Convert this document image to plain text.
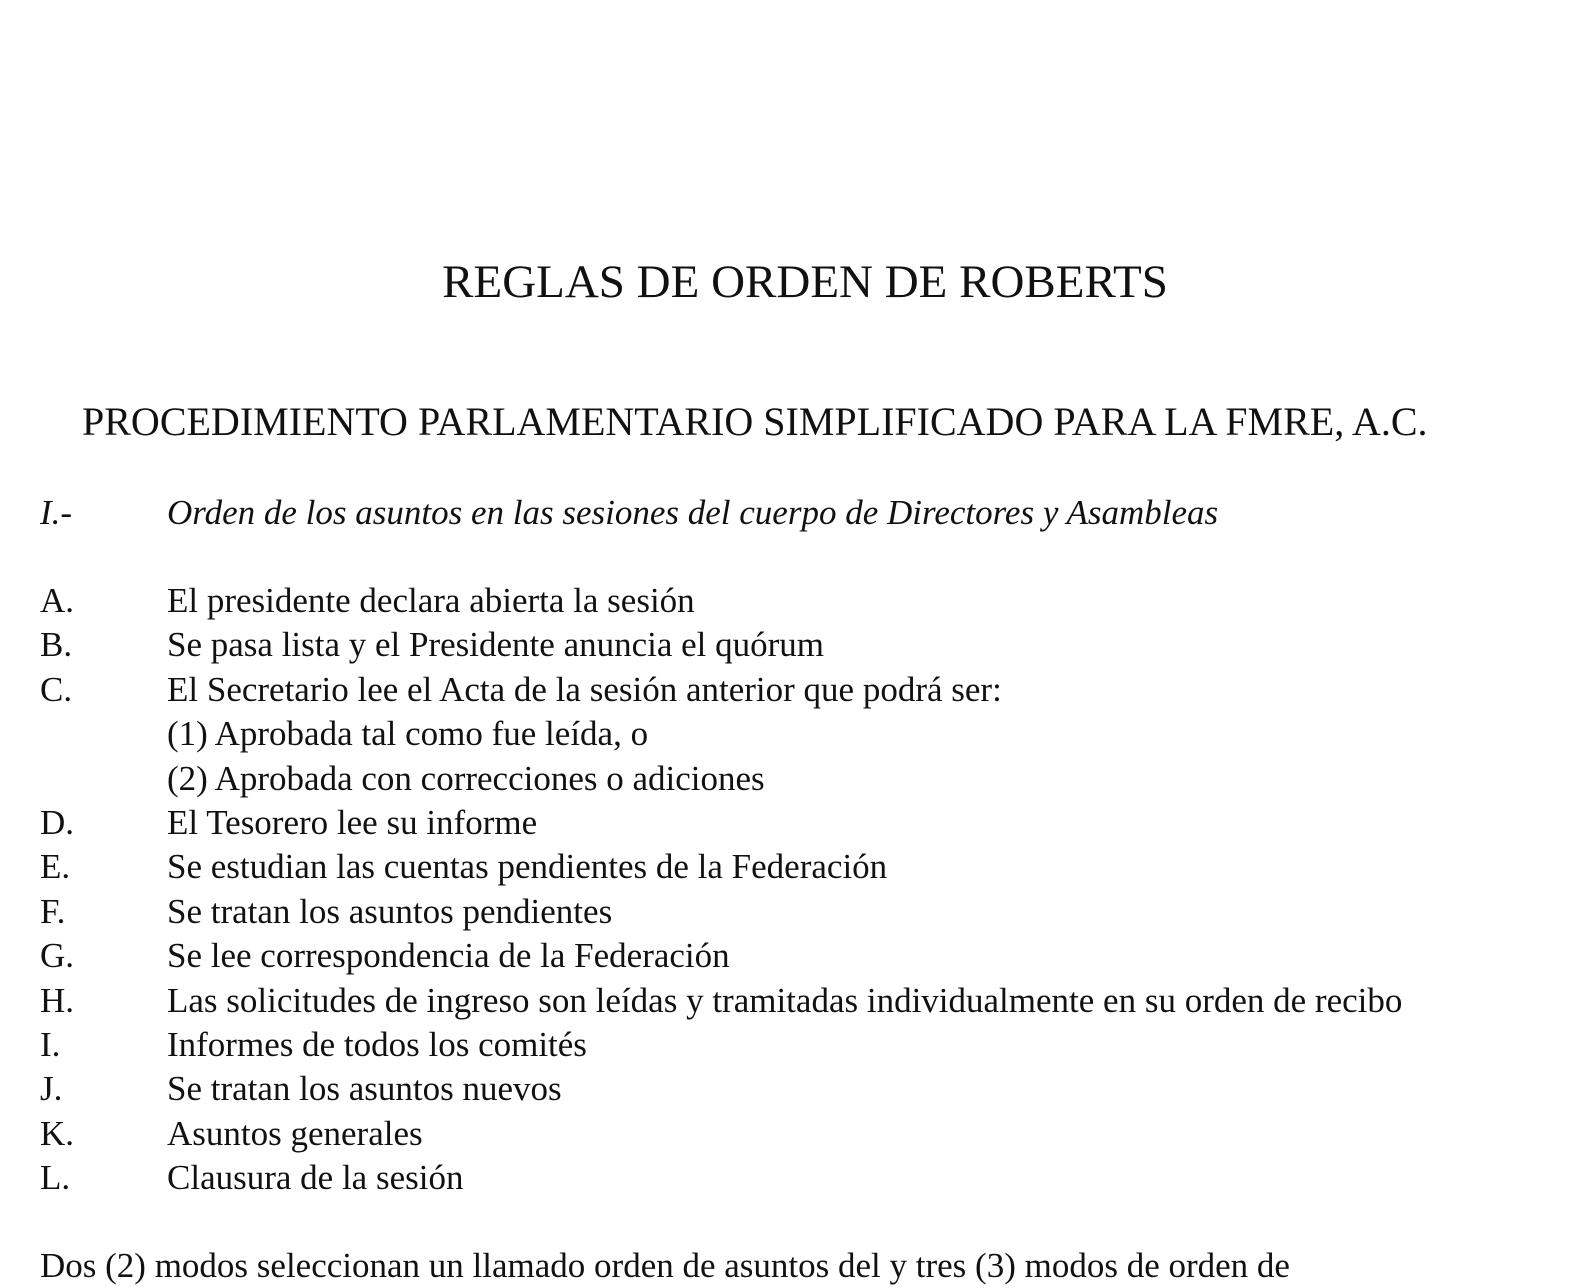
REGLAS DE ORDEN DE ROBERTS
PROCEDIMIENTO PARLAMENTARIO SIMPLIFICADO PARA LA FMRE, A.C.
I.-	Orden de los asuntos en las sesiones del cuerpo de Directores y Asambleas
A.	El presidente declara abierta la sesión
B.	Se pasa lista y el Presidente anuncia el quórum
C.	El Secretario lee el Acta de la sesión anterior que podrá ser:
(1) Aprobada tal como fue leída, o
(2) Aprobada con correcciones o adiciones
D.	El Tesorero lee su informe
E.	Se estudian las cuentas pendientes de la Federación
F.	Se tratan los asuntos pendientes
G.	Se lee correspondencia de la Federación
H.	Las solicitudes de ingreso son leídas y tramitadas individualmente en su orden de recibo
I.	Informes de todos los comités
J.	Se tratan los asuntos nuevos
K.	Asuntos generales
L.	Clausura de la sesión
Dos (2) modos seleccionan un llamado orden de asuntos del y tres (3) modos de orden de
